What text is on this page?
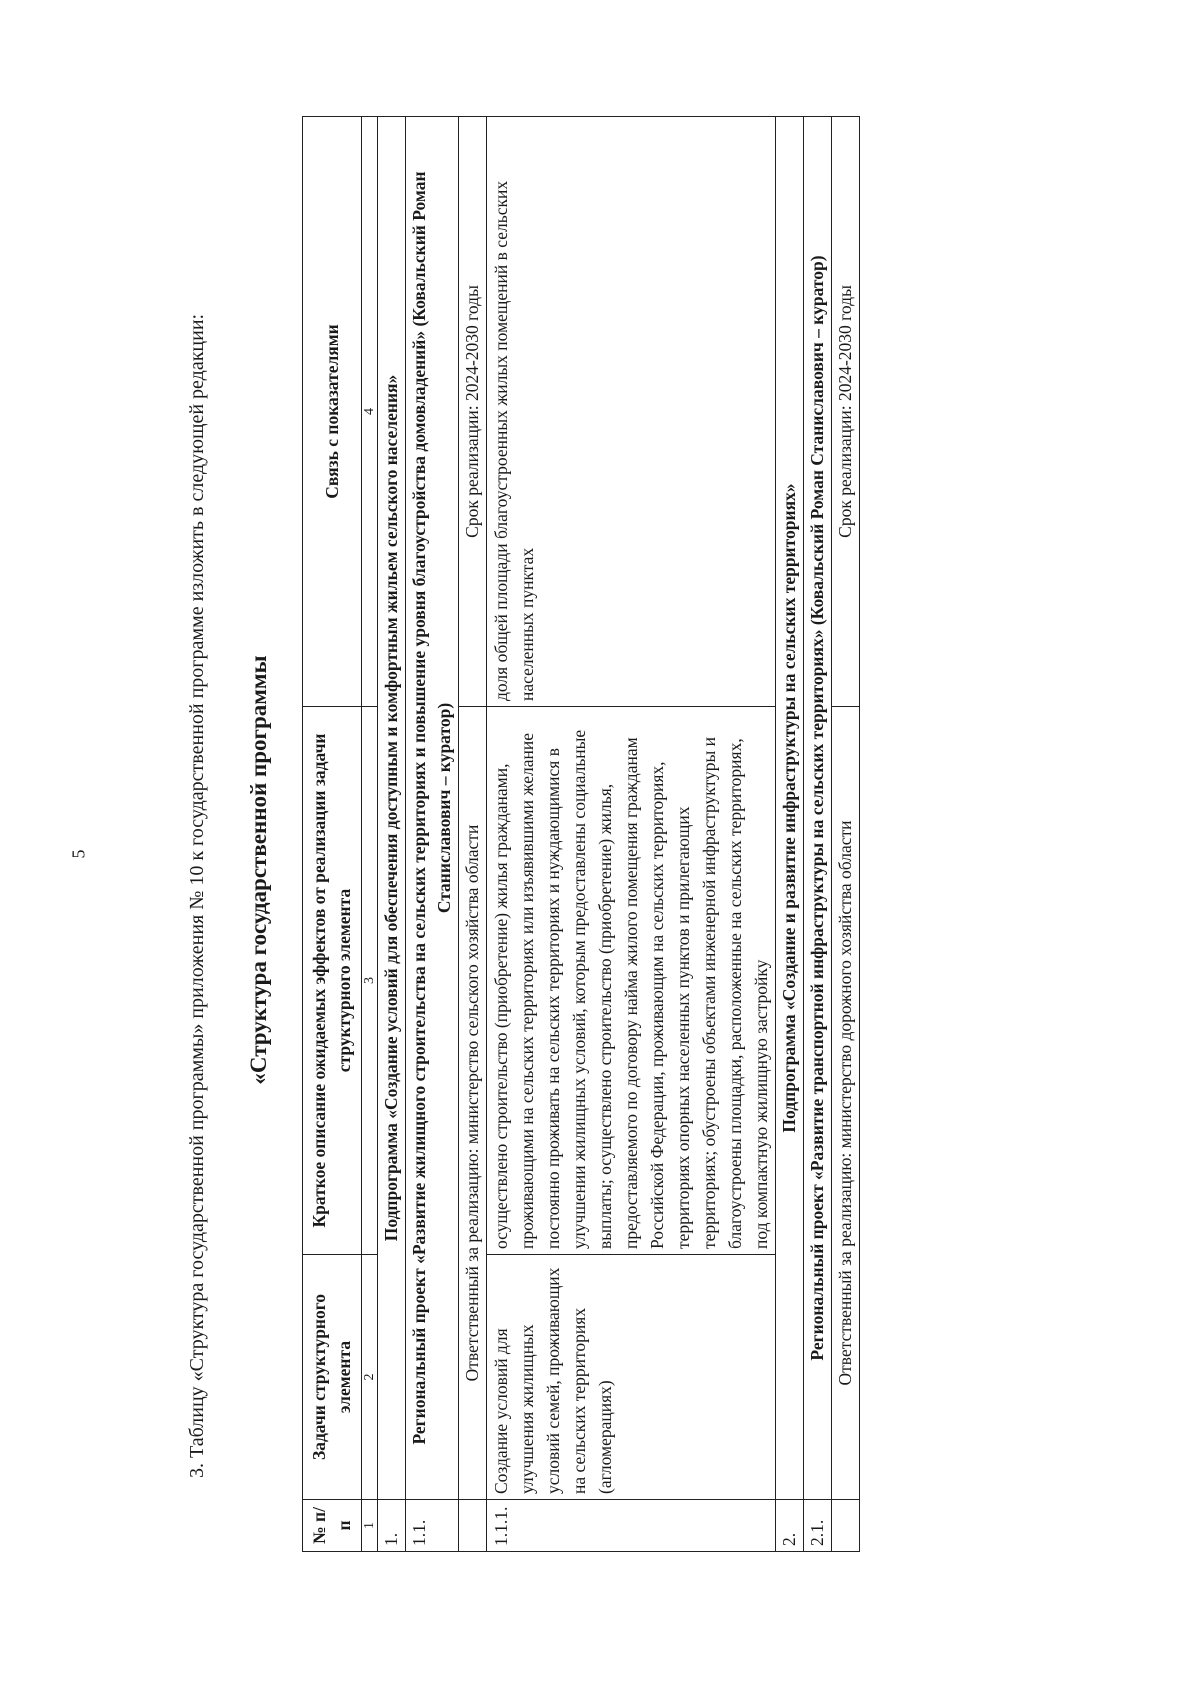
5	3. Таблицу «Структура государственной программы» приложения № 10 к государственной программе изложить в следующей редакции: «Структура государственной программы
№ п/п	Задачи структурного элемента	Краткое описание ожидаемых эффектов от реализации задачи структурного элемента	Связь с показателями
1	2	3	4
1.	Подпрограмма «Создание условий для обеспечения доступным и комфортным жильем сельского населения»		
1.1.	Региональный проект «Развитие жилищного строительства на сельских территориях и повышение уровня благоустройства домовладений» (Ковальский Роман Станиславович – куратор)		
	Ответственный за реализацию: министерство сельского хозяйства области		Срок реализации: 2024-2030 годы
1.1.1.	Создание условий для улучшения жилищных условий семей, проживающих на сельских территориях (агломерациях)	осуществлено строительство (приобретение) жилья гражданами, проживающими на сельских территориях или изъявившими желание постоянно проживать на сельских территориях и нуждающимися в улучшении жилищных условий, которым предоставлены социальные выплаты; осуществлено строительство (приобретение) жилья, предоставляемого по договору найма жилого помещения гражданам Российской Федерации, проживающим на сельских территориях, территориях опорных населенных пунктов и прилегающих территориях; обустроены объектами инженерной инфраструктуры и благоустроены площадки, расположенные на сельских территориях, под компактную жилищную застройку	доля общей площади благоустроенных жилых помещений в сельских населенных пунктах
2.	Подпрограмма «Создание и развитие инфраструктуры на сельских территориях»		
2.1.	Региональный проект «Развитие транспортной инфраструктуры на сельских территориях» (Ковальский Роман Станиславович – куратор)		
	Ответственный за реализацию: министерство дорожного хозяйства области		Срок реализации: 2024-2030 годы
